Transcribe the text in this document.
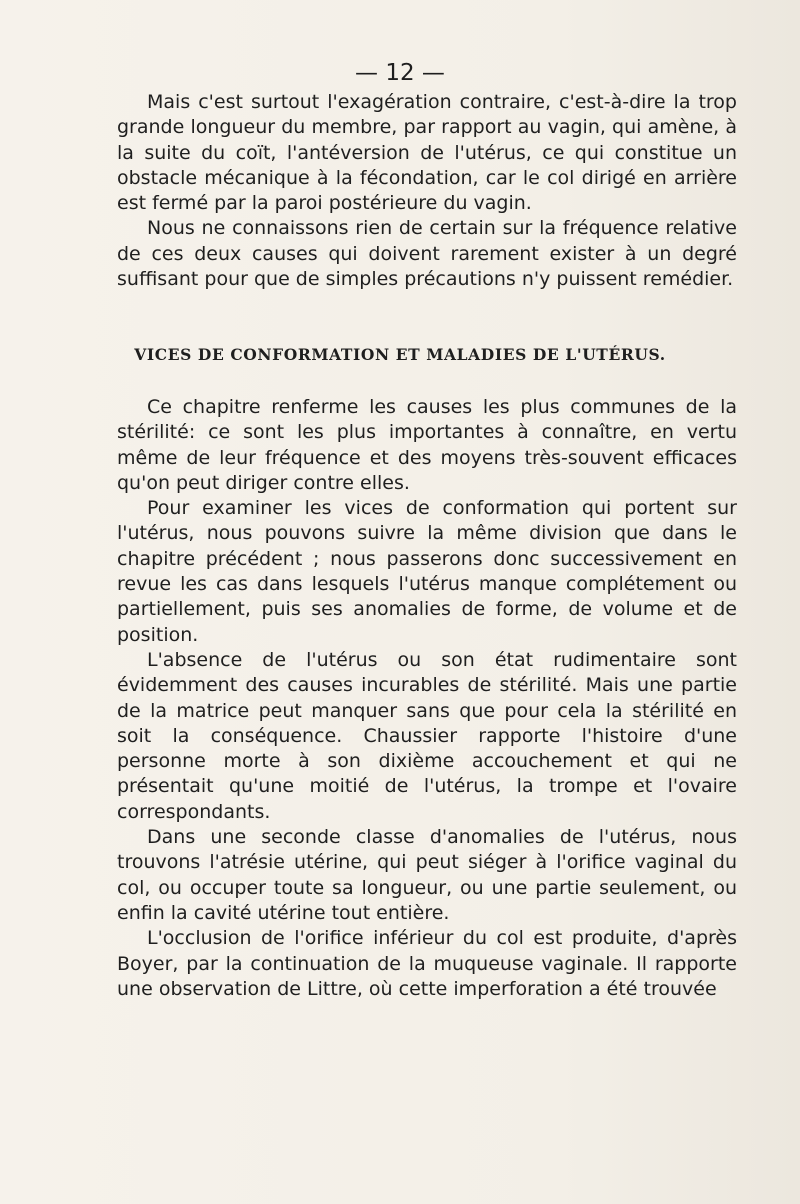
— 12 —

Mais c'est surtout l'exagération contraire, c'est-à-dire la trop grande longueur du membre, par rapport au vagin, qui amène, à la suite du coït, l'antéversion de l'utérus, ce qui constitue un obstacle mécanique à la fécondation, car le col dirigé en arrière est fermé par la paroi postérieure du vagin.

Nous ne connaissons rien de certain sur la fréquence relative de ces deux causes qui doivent rarement exister à un degré suffisant pour que de simples précautions n'y puissent remédier.

VICES DE CONFORMATION ET MALADIES DE L'UTÉRUS.

Ce chapitre renferme les causes les plus communes de la stérilité: ce sont les plus importantes à connaître, en vertu même de leur fréquence et des moyens très-souvent efficaces qu'on peut diriger contre elles.

Pour examiner les vices de conformation qui portent sur l'utérus, nous pouvons suivre la même division que dans le chapitre précédent ; nous passerons donc successivement en revue les cas dans lesquels l'utérus manque complétement ou partiellement, puis ses anomalies de forme, de volume et de position.

L'absence de l'utérus ou son état rudimentaire sont évidemment des causes incurables de stérilité. Mais une partie de la matrice peut manquer sans que pour cela la stérilité en soit la conséquence. Chaussier rapporte l'histoire d'une personne morte à son dixième accouchement et qui ne présentait qu'une moitié de l'utérus, la trompe et l'ovaire correspondants.

Dans une seconde classe d'anomalies de l'utérus, nous trouvons l'atrésie utérine, qui peut siéger à l'orifice vaginal du col, ou occuper toute sa longueur, ou une partie seulement, ou enfin la cavité utérine tout entière.

L'occlusion de l'orifice inférieur du col est produite, d'après Boyer, par la continuation de la muqueuse vaginale. Il rapporte une observation de Littre, où cette imperforation a été trouvée
